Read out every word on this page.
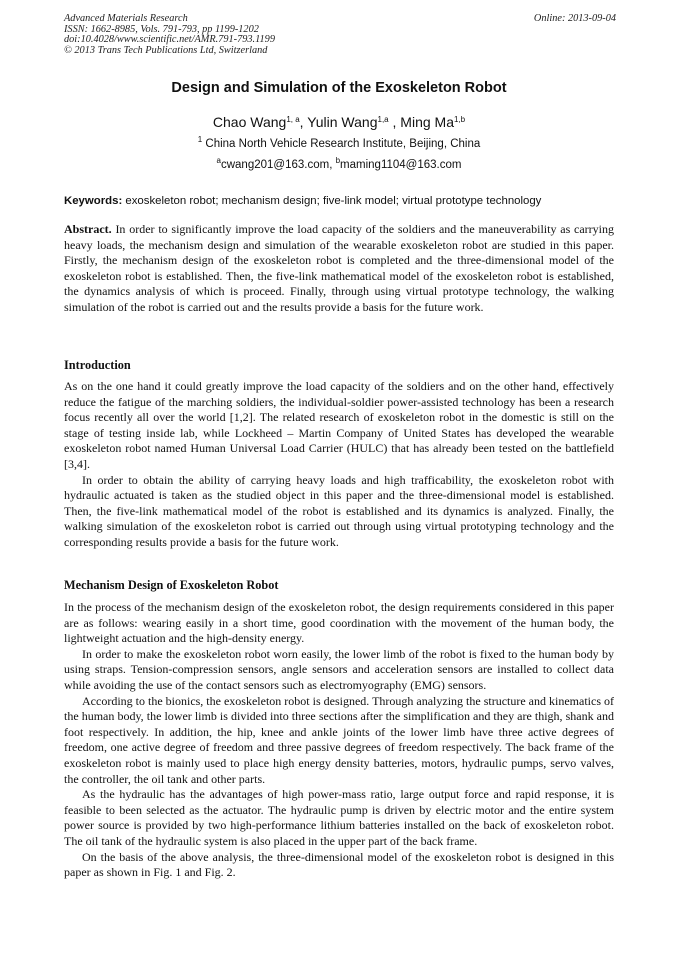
Advanced Materials Research	Online: 2013-09-04
ISSN: 1662-8985, Vols. 791-793, pp 1199-1202
doi:10.4028/www.scientific.net/AMR.791-793.1199
© 2013 Trans Tech Publications Ltd, Switzerland
Design and Simulation of the Exoskeleton Robot
Chao Wang$^{1, a}$, Yulin Wang$^{1,a}$ , Ming Ma$^{1,b}$
$^1$ China North Vehicle Research Institute, Beijing, China
$^a$cwang201@163.com, $^b$maming1104@163.com
Keywords: exoskeleton robot; mechanism design; five-link model; virtual prototype technology

Abstract. In order to significantly improve the load capacity of the soldiers and the maneuverability as carrying heavy loads, the mechanism design and simulation of the wearable exoskeleton robot are studied in this paper. Firstly, the mechanism design of the exoskeleton robot is completed and the three-dimensional model of the exoskeleton robot is established. Then, the five-link mathematical model of the exoskeleton robot is established, the dynamics analysis of which is proceed. Finally, through using virtual prototype technology, the walking simulation of the robot is carried out and the results provide a basis for the future work.

Introduction

As on the one hand it could greatly improve the load capacity of the soldiers and on the other hand, effectively reduce the fatigue of the marching soldiers, the individual-soldier power-assisted technology has been a research focus recently all over the world [1,2]. The related research of exoskeleton robot in the domestic is still on the stage of testing inside lab, while Lockheed – Martin Company of United States has developed the wearable exoskeleton robot named Human Universal Load Carrier (HULC) that has already been tested on the battlefield [3,4].

In order to obtain the ability of carrying heavy loads and high trafficability, the exoskeleton robot with hydraulic actuated is taken as the studied object in this paper and the three-dimensional model is established. Then, the five-link mathematical model of the robot is established and its dynamics is analyzed. Finally, the walking simulation of the exoskeleton robot is carried out through using virtual prototyping technology and the corresponding results provide a basis for the future work.

Mechanism Design of Exoskeleton Robot

In the process of the mechanism design of the exoskeleton robot, the design requirements considered in this paper are as follows: wearing easily in a short time, good coordination with the movement of the human body, the lightweight actuation and the high-density energy.

In order to make the exoskeleton robot worn easily, the lower limb of the robot is fixed to the human body by using straps. Tension-compression sensors, angle sensors and acceleration sensors are installed to collect data while avoiding the use of the contact sensors such as electromyography (EMG) sensors.

According to the bionics, the exoskeleton robot is designed. Through analyzing the structure and kinematics of the human body, the lower limb is divided into three sections after the simplification and they are thigh, shank and foot respectively. In addition, the hip, knee and ankle joints of the lower limb have three active degrees of freedom, one active degree of freedom and three passive degrees of freedom respectively. The back frame of the exoskeleton robot is mainly used to place high energy density batteries, motors, hydraulic pumps, servo valves, the controller, the oil tank and other parts.

As the hydraulic has the advantages of high power-mass ratio, large output force and rapid response, it is feasible to been selected as the actuator. The hydraulic pump is driven by electric motor and the entire system power source is provided by two high-performance lithium batteries installed on the back of exoskeleton robot. The oil tank of the hydraulic system is also placed in the upper part of the back frame.

On the basis of the above analysis, the three-dimensional model of the exoskeleton robot is designed in this paper as shown in Fig. 1 and Fig. 2.
